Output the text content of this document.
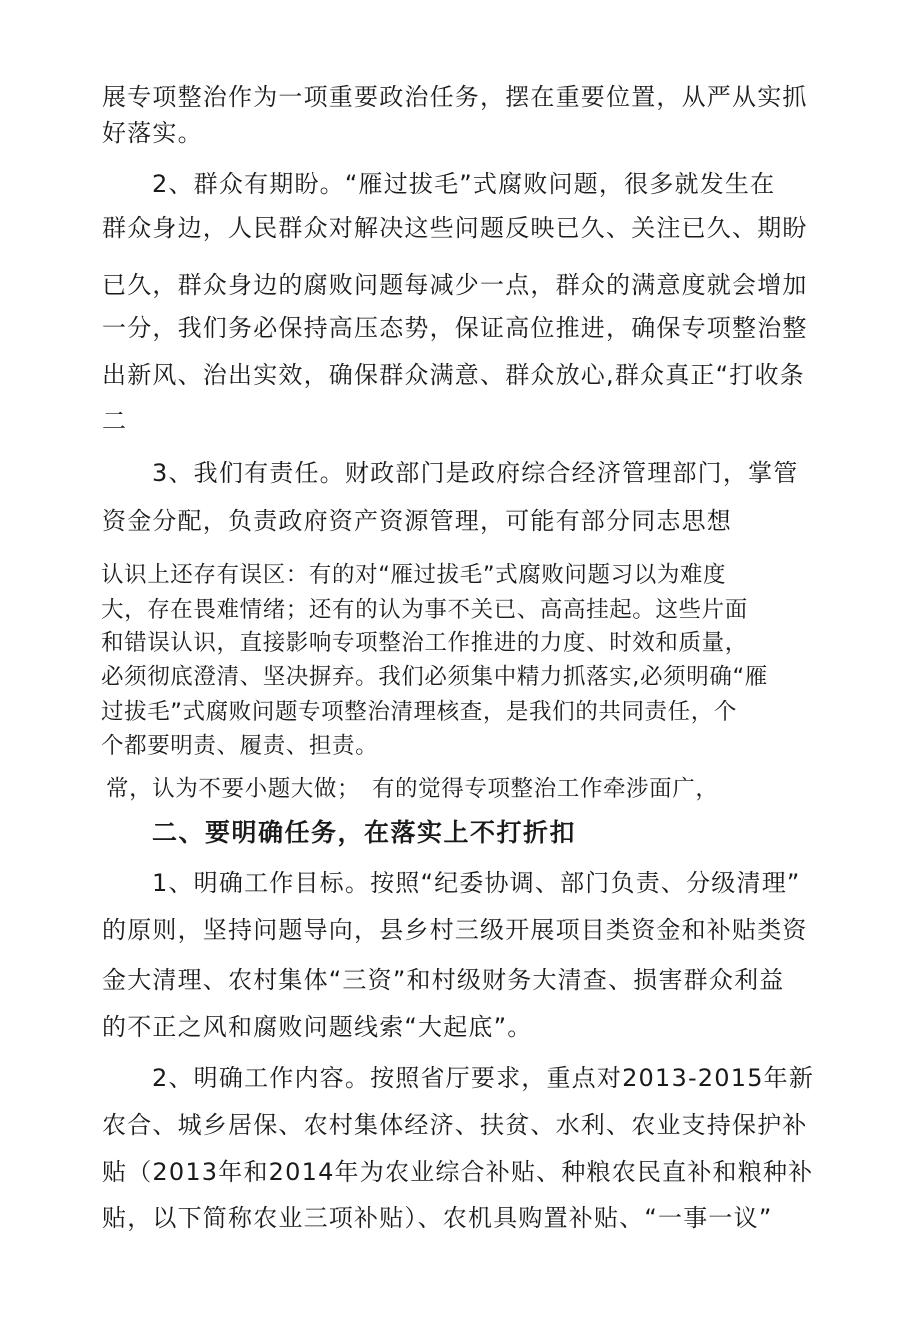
展专项整治作为一项重要政治任务，摆在重要位置，从严从实抓
好落实。
2、群众有期盼。“雁过拔毛”式腐败问题，很多就发生在
群众身边，人民群众对解决这些问题反映已久、关注已久、期盼
已久，群众身边的腐败问题每减少一点，群众的满意度就会增加
一分，我们务必保持高压态势，保证高位推进，确保专项整治整
出新风、治出实效，确保群众满意、群众放心,群众真正“打收条
二
3、我们有责任。财政部门是政府综合经济管理部门，掌管
资金分配，负责政府资产资源管理，可能有部分同志思想
认识上还存有误区：有的对“雁过拔毛”式腐败问题习以为难度
大，存在畏难情绪；还有的认为事不关已、高高挂起。这些片面
和错误认识，直接影响专项整治工作推进的力度、时效和质量，
必须彻底澄清、坚决摒弃。我们必须集中精力抓落实,必须明确“雁
过拔毛”式腐败问题专项整治清理核查，是我们的共同责任，个
个都要明责、履责、担责。
常，认为不要小题大做；　有的觉得专项整治工作牵涉面广，
二、要明确任务，在落实上不打折扣
1、明确工作目标。按照“纪委协调、部门负责、分级清理”
的原则，坚持问题导向，县乡村三级开展项目类资金和补贴类资
金大清理、农村集体“三资”和村级财务大清查、损害群众利益
的不正之风和腐败问题线索“大起底”。
2、明确工作内容。按照省厅要求，重点对2013-2015年新
农合、城乡居保、农村集体经济、扶贫、水利、农业支持保护补
贴（2013年和2014年为农业综合补贴、种粮农民直补和粮种补
贴，以下简称农业三项补贴）、农机具购置补贴、“一事一议”
